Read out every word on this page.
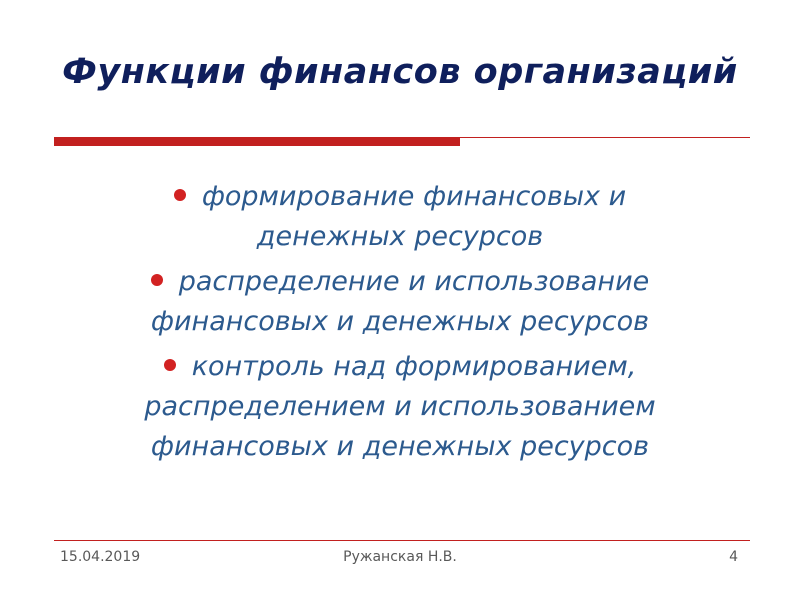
Функции финансов организаций
формирование финансовых и
денежных ресурсов
распределение и использование
финансовых и денежных ресурсов
контроль над формированием,
распределением и использованием
финансовых и денежных ресурсов
15.04.2019	Ружанская Н.В.	4
